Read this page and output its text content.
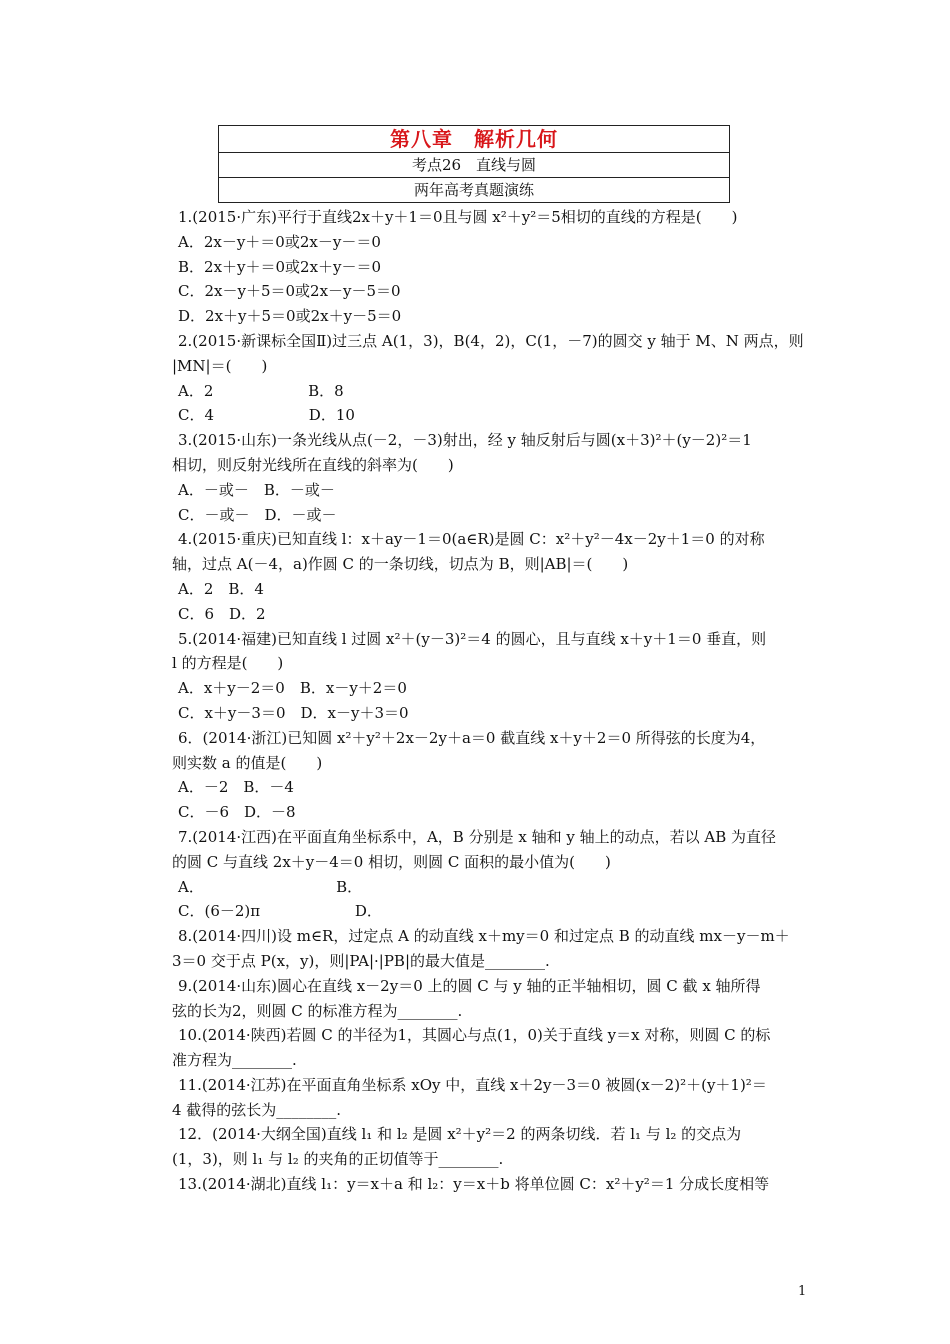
第八章　解析几何
考点26　直线与圆
两年高考真题演练
1.(2015·广东)平行于直线2x＋y＋1＝0且与圆 x²＋y²＝5相切的直线的方程是(　　)
A．2x－y＋＝0或2x－y－＝0
B．2x＋y＋＝0或2x＋y－＝0
C．2x－y＋5＝0或2x－y－5＝0
D．2x＋y＋5＝0或2x＋y－5＝0
2.(2015·新课标全国Ⅱ)过三点 A(1，3)，B(4，2)，C(1，－7)的圆交 y 轴于 M、N 两点，则
|MN|＝(　　)
A．2　　　　　　 B．8
C．4　　　　　　 D．10
3.(2015·山东)一条光线从点(－2，－3)射出，经 y 轴反射后与圆(x＋3)²＋(y－2)²＝1
相切，则反射光线所在直线的斜率为(　　)
A．－或－　B．－或－
C．－或－　D．－或－
4.(2015·重庆)已知直线 l：x＋ay－1＝0(a∈R)是圆 C：x²＋y²－4x－2y＋1＝0 的对称
轴，过点 A(－4，a)作圆 C 的一条切线，切点为 B，则|AB|＝(　　)
A．2　B．4
C．6　D．2
5.(2014·福建)已知直线 l 过圆 x²＋(y－3)²＝4 的圆心，且与直线 x＋y＋1＝0 垂直，则
l 的方程是(　　)
A．x＋y－2＝0　B．x－y＋2＝0
C．x＋y－3＝0　D．x－y＋3＝0
6．(2014·浙江)已知圆 x²＋y²＋2x－2y＋a＝0 截直线 x＋y＋2＝0 所得弦的长度为4，
则实数 a 的值是(　　)
A．－2　B．－4
C．－6　D．－8
7.(2014·江西)在平面直角坐标系中，A，B 分别是 x 轴和 y 轴上的动点，若以 AB 为直径
的圆 C 与直线 2x＋y－4＝0 相切，则圆 C 面积的最小值为(　　)
A．　　　　　　　　　 B．
C．(6－2)π　　　　　　 D．
8.(2014·四川)设 m∈R，过定点 A 的动直线 x＋my＝0 和过定点 B 的动直线 mx－y－m＋
3＝0 交于点 P(x，y)，则|PA|·|PB|的最大值是________.
9.(2014·山东)圆心在直线 x－2y＝0 上的圆 C 与 y 轴的正半轴相切，圆 C 截 x 轴所得
弦的长为2，则圆 C 的标准方程为________.
10.(2014·陕西)若圆 C 的半径为1，其圆心与点(1，0)关于直线 y＝x 对称，则圆 C 的标
准方程为________.
11.(2014·江苏)在平面直角坐标系 xOy 中，直线 x＋2y－3＝0 被圆(x－2)²＋(y＋1)²＝
4 截得的弦长为________.
12．(2014·大纲全国)直线 l₁ 和 l₂ 是圆 x²＋y²＝2 的两条切线．若 l₁ 与 l₂ 的交点为
(1，3)，则 l₁ 与 l₂ 的夹角的正切值等于________.
13.(2014·湖北)直线 l₁：y＝x＋a 和 l₂：y＝x＋b 将单位圆 C：x²＋y²＝1 分成长度相等
1
